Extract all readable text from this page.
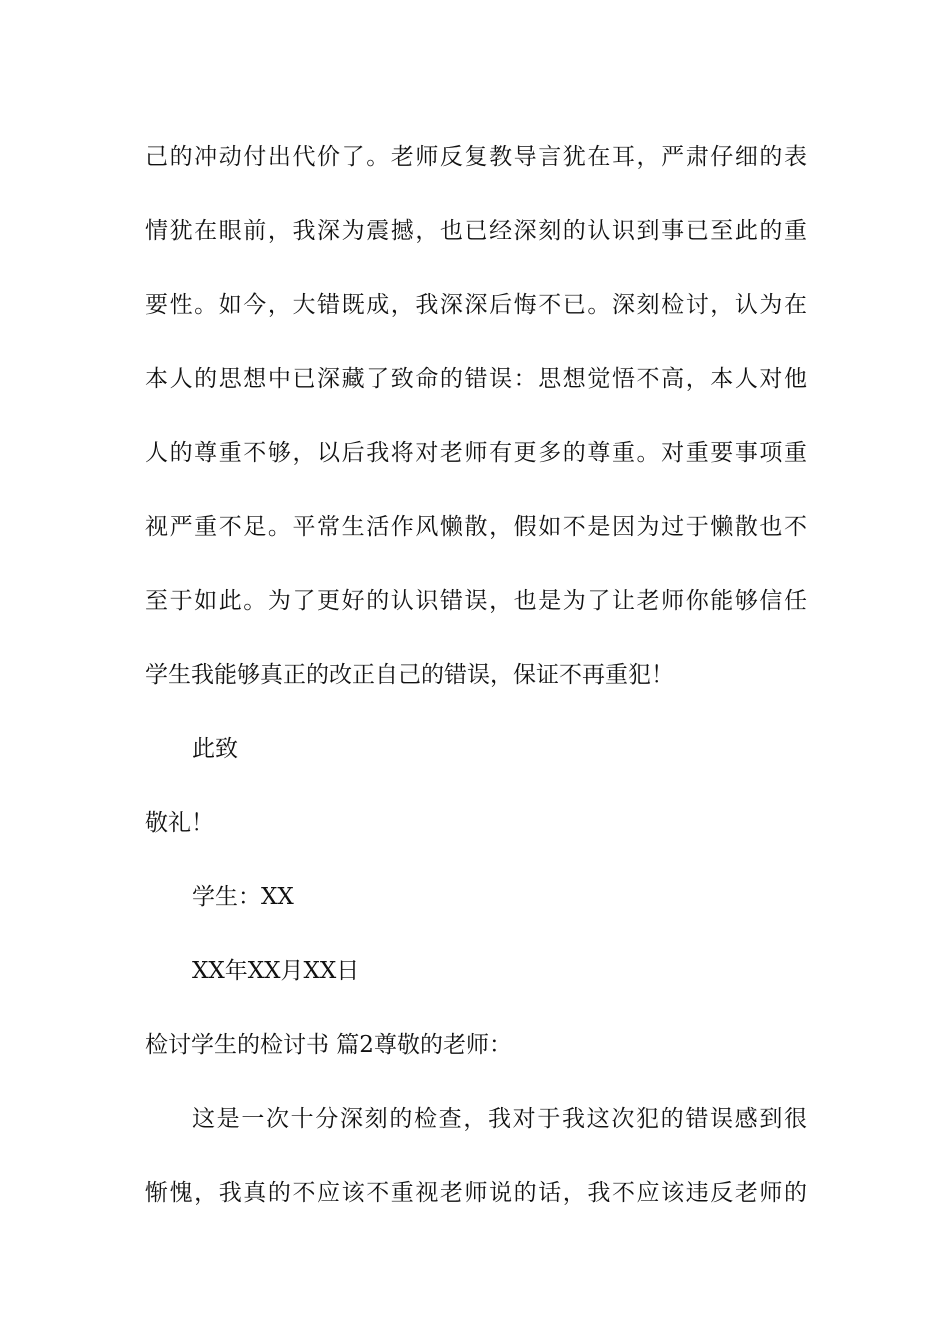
己的冲动付出代价了。老师反复教导言犹在耳，严肃仔细的表
情犹在眼前，我深为震撼，也已经深刻的认识到事已至此的重
要性。如今，大错既成，我深深后悔不已。深刻检讨，认为在
本人的思想中已深藏了致命的错误：思想觉悟不高，本人对他
人的尊重不够，以后我将对老师有更多的尊重。对重要事项重
视严重不足。平常生活作风懒散，假如不是因为过于懒散也不
至于如此。为了更好的认识错误，也是为了让老师你能够信任
学生我能够真正的改正自己的错误，保证不再重犯！
此致
敬礼！
学生：XX
XX年XX月XX日
检讨学生的检讨书 篇2尊敬的老师：
这是一次十分深刻的检查，我对于我这次犯的错误感到很
惭愧，我真的不应该不重视老师说的话，我不应该违反老师的
